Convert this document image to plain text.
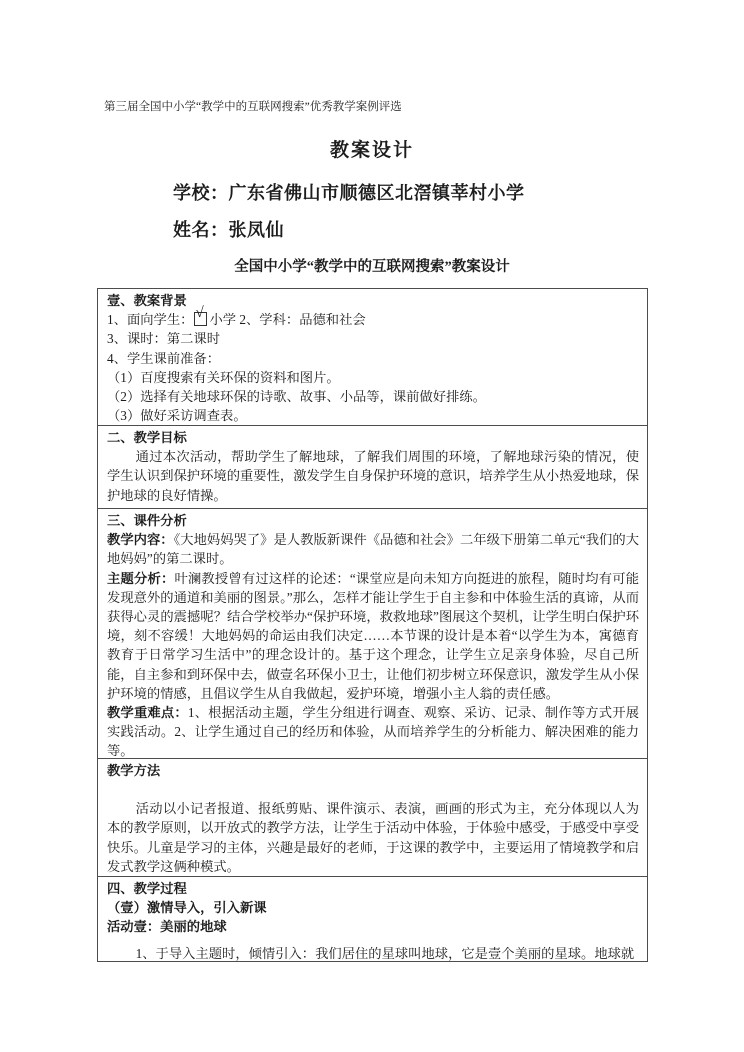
第三届全国中小学“教学中的互联网搜索”优秀教学案例评选
教案设计
学校：广东省佛山市顺德区北滘镇莘村小学
姓名：张凤仙
全国中小学“教学中的互联网搜索”教案设计

壹、教案背景

1、面向学生： √ 小学 2、学科：品德和社会

3、课时：第二课时

4、学生课前准备：

（1）百度搜索有关环保的资料和图片。

（2）选择有关地球环保的诗歌、故事、小品等，课前做好排练。

（3）做好采访调查表。

二、教学目标

通过本次活动，帮助学生了解地球，了解我们周围的环境，了解地球污染的情况，使学生认识到保护环境的重要性，激发学生自身保护环境的意识，培养学生从小热爱地球，保护地球的良好情操。

三、课件分析

教学内容：《大地妈妈哭了》是人教版新课件《品德和社会》二年级下册第二单元“我们的大地妈妈”的第二课时。

主题分析：叶澜教授曾有过这样的论述：“课堂应是向未知方向挺进的旅程，随时均有可能发现意外的通道和美丽的图景。”那么，怎样才能让学生于自主参和中体验生活的真谛，从而获得心灵的震撼呢？结合学校举办“保护环境，救救地球”图展这个契机，让学生明白保护环境，刻不容缓！大地妈妈的命运由我们决定……本节课的设计是本着“以学生为本，寓德育教育于日常学习生活中”的理念设计的。基于这个理念，让学生立足亲身体验，尽自己所能，自主参和到环保中去，做壹名环保小卫士，让他们初步树立环保意识，激发学生从小保护环境的情感，且倡议学生从自我做起，爱护环境，增强小主人翁的责任感。

教学重难点：1、根据活动主题，学生分组进行调查、观察、采访、记录、制作等方式开展实践活动。2、让学生通过自己的经历和体验，从而培养学生的分析能力、解决困难的能力等。

教学方法

活动以小记者报道、报纸剪贴、课件演示、表演，画画的形式为主，充分体现以人为本的教学原则，以开放式的教学方法，让学生于活动中体验，于体验中感受，于感受中享受快乐。儿童是学习的主体，兴趣是最好的老师，于这课的教学中，主要运用了情境教学和启发式教学这俩种模式。

四、教学过程

（壹）激情导入，引入新课

活动壹：美丽的地球

1、于导入主题时，倾情引入：我们居住的星球叫地球，它是壹个美丽的星球。地球就
